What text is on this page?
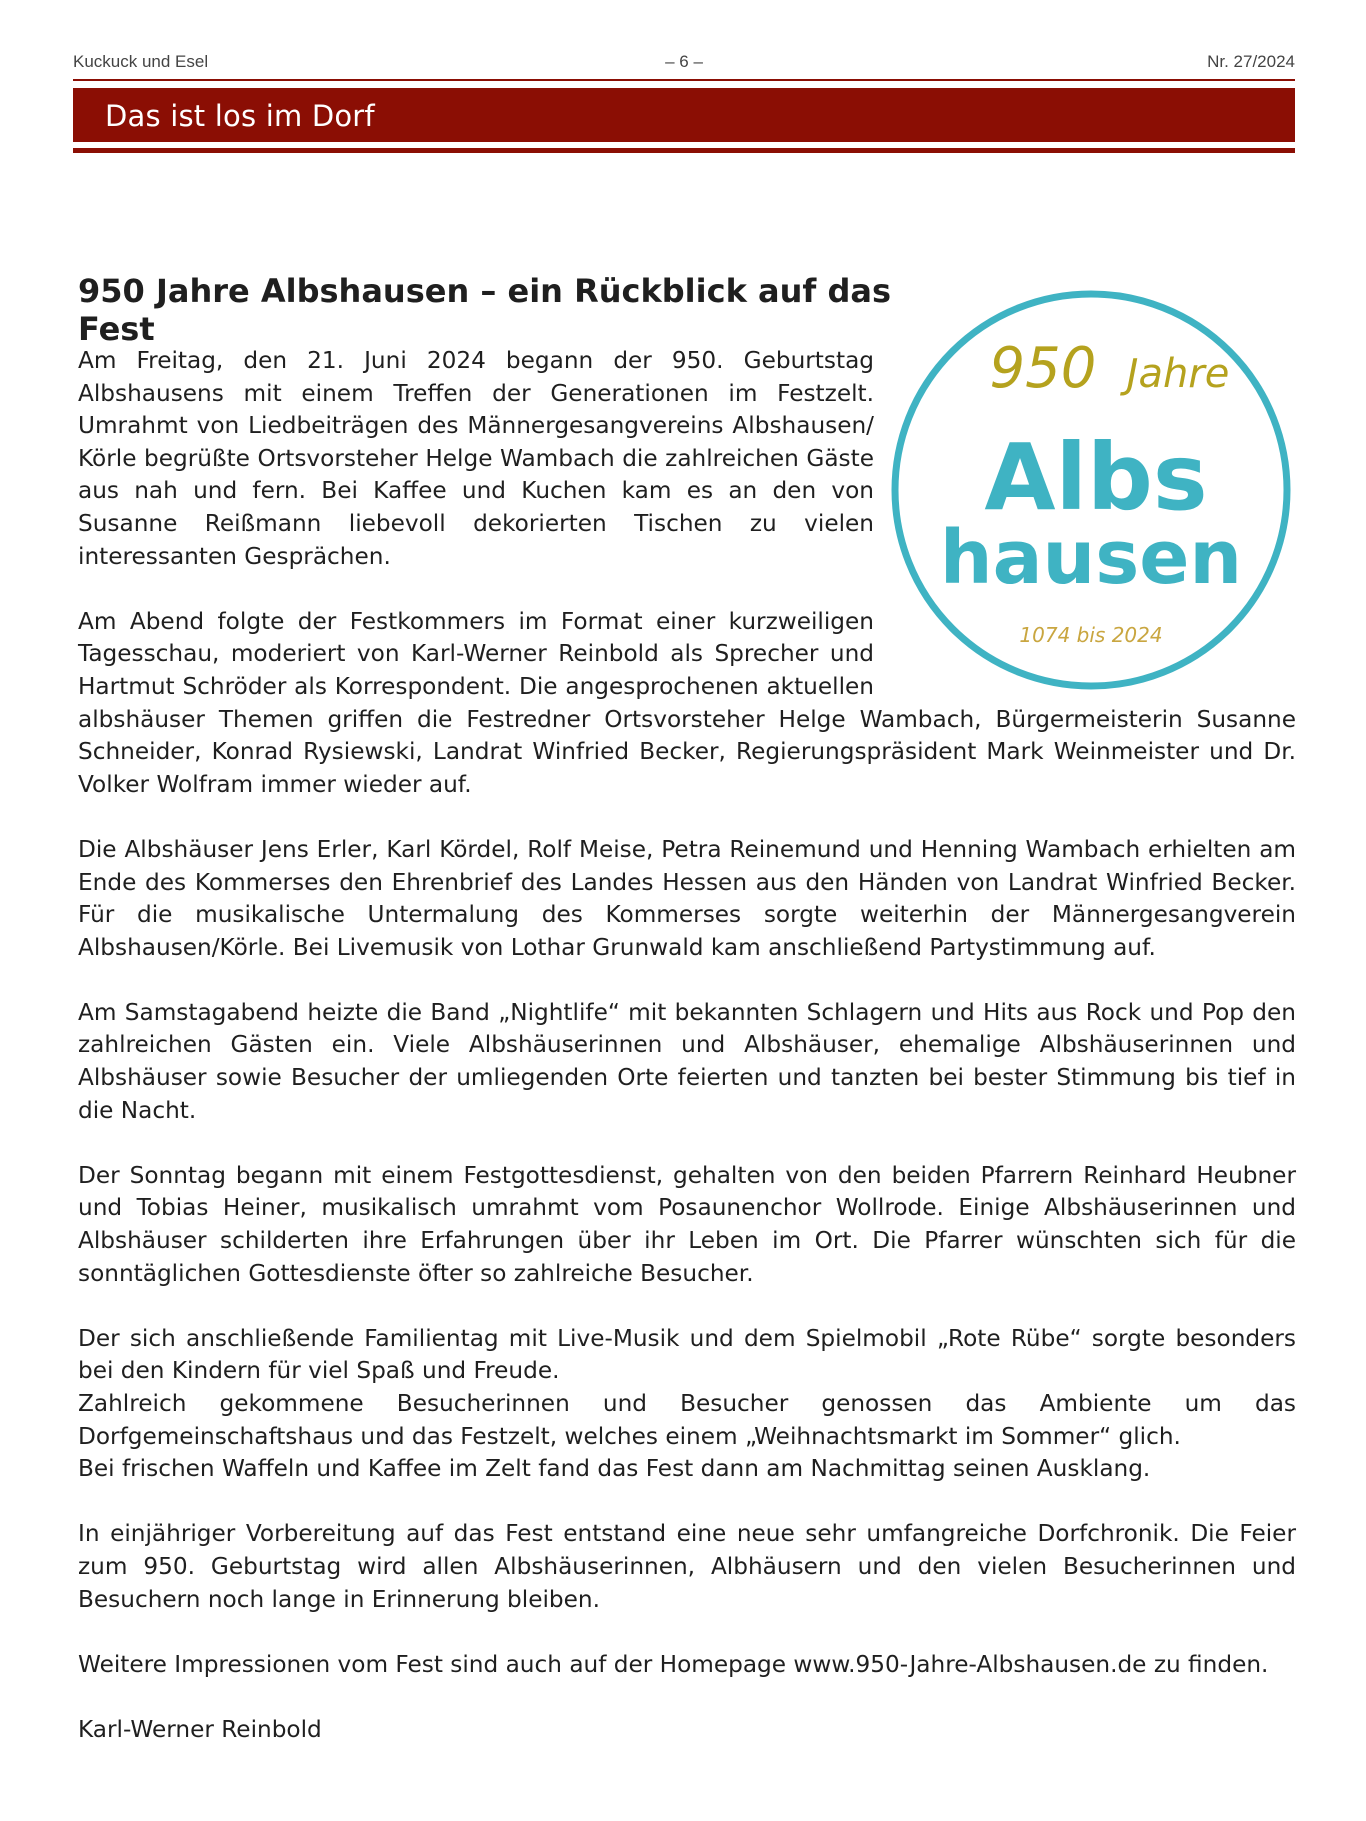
Kuckuck und Esel	– 6 –	Nr. 27/2024
Das ist los im Dorf
950 Jahre Albshausen – ein Rückblick auf das Fest
950 Jahre
Albs
hausen
1074 bis 2024

Am Freitag, den 21. Juni 2024 begann der 950. Geburtstag Albshausens mit einem Treffen der Generationen im Festzelt. Umrahmt von Liedbeiträgen des Männergesangvereins Albshausen/ Körle begrüßte Ortsvorsteher Helge Wambach die zahlreichen Gäste aus nah und fern. Bei Kaffee und Kuchen kam es an den von Susanne Reißmann liebevoll dekorierten Tischen zu vielen interessanten Gesprächen.

Am Abend folgte der Festkommers im Format einer kurzweiligen Tagesschau, moderiert von Karl-Werner Reinbold als Sprecher und Hartmut Schröder als Korrespondent. Die angesprochenen aktuellen albshäuser Themen griffen die Festredner Ortsvorsteher Helge Wambach, Bürgermeisterin Susanne Schneider, Konrad Rysiewski, Landrat Winfried Becker, Regierungspräsident Mark Weinmeister und Dr. Volker Wolfram immer wieder auf.

Die Albshäuser Jens Erler, Karl Kördel, Rolf Meise, Petra Reinemund und Henning Wambach erhielten am Ende des Kommerses den Ehrenbrief des Landes Hessen aus den Händen von Landrat Winfried Becker. Für die musikalische Untermalung des Kommerses sorgte weiterhin der Männergesangverein Albshausen/Körle. Bei Livemusik von Lothar Grunwald kam anschließend Partystimmung auf.

Am Samstagabend heizte die Band „Nightlife“ mit bekannten Schlagern und Hits aus Rock und Pop den zahlreichen Gästen ein. Viele Albshäuserinnen und Albshäuser, ehemalige Albshäuserinnen und Albshäuser sowie Besucher der umliegenden Orte feierten und tanzten bei bester Stimmung bis tief in die Nacht.

Der Sonntag begann mit einem Festgottesdienst, gehalten von den beiden Pfarrern Reinhard Heubner und Tobias Heiner, musikalisch umrahmt vom Posaunenchor Wollrode. Einige Albshäuserinnen und Albshäuser schilderten ihre Erfahrungen über ihr Leben im Ort. Die Pfarrer wünschten sich für die sonntäglichen Gottesdienste öfter so zahlreiche Besucher.

Der sich anschließende Familientag mit Live-Musik und dem Spielmobil „Rote Rübe“ sorgte besonders bei den Kindern für viel Spaß und Freude.

Zahlreich gekommene Besucherinnen und Besucher genossen das Ambiente um das Dorfgemeinschaftshaus und das Festzelt, welches einem „Weihnachtsmarkt im Sommer“ glich.

Bei frischen Waffeln und Kaffee im Zelt fand das Fest dann am Nachmittag seinen Ausklang.

In einjähriger Vorbereitung auf das Fest entstand eine neue sehr umfangreiche Dorfchronik. Die Feier zum 950. Geburtstag wird allen Albshäuserinnen, Albhäusern und den vielen Besucherinnen und Besuchern noch lange in Erinnerung bleiben.

Weitere Impressionen vom Fest sind auch auf der Homepage www.950-Jahre-Albshausen.de zu finden.

Karl-Werner Reinbold
